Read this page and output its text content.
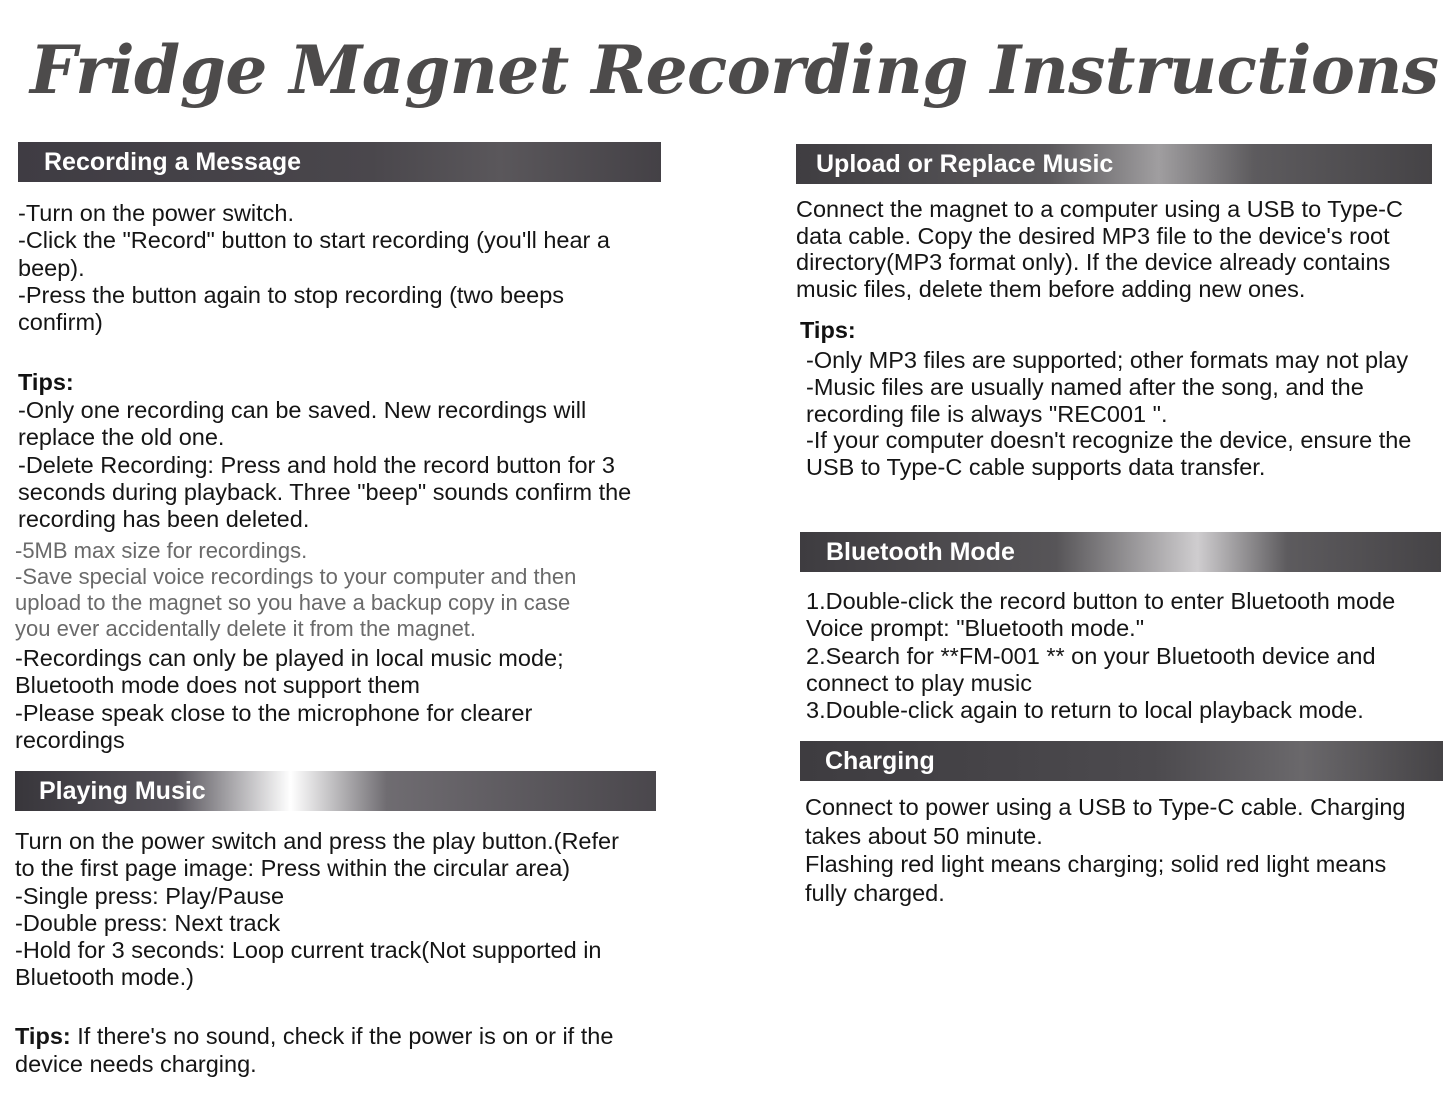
Fridge Magnet Recording Instructions
Recording a Message

-Turn on the power switch.
-Click the "Record" button to start recording (you'll hear a
beep).
-Press the button again to stop recording (two beeps
confirm)

Tips:

-Only one recording can be saved. New recordings will
replace the old one.
-Delete Recording: Press and hold the record button for 3
seconds during playback. Three "beep" sounds confirm the
recording has been deleted.

-5MB max size for recordings.
-Save special voice recordings to your computer and then
upload to the magnet so you have a backup copy in case
you ever accidentally delete it from the magnet.

-Recordings can only be played in local music mode;
Bluetooth mode does not support them
-Please speak close to the microphone for clearer
recordings

Playing Music

Turn on the power switch and press the play button.(Refer
to the first page image: Press within the circular area)
-Single press: Play/Pause
-Double press: Next track
-Hold for 3 seconds: Loop current track(Not supported in
Bluetooth mode.)

Tips: If there's no sound, check if the power is on or if the

device needs charging.

Upload or Replace Music

Connect the magnet to a computer using a USB to Type-C
data cable. Copy the desired MP3 file to the device's root
directory(MP3 format only). If the device already contains
music files, delete them before adding new ones.

Tips:

-Only MP3 files are supported; other formats may not play
-Music files are usually named after the song, and the
recording file is always "REC001 ".
-If your computer doesn't recognize the device, ensure the
USB to Type-C cable supports data transfer.

Bluetooth Mode

1.Double-click the record button to enter Bluetooth mode
Voice prompt: "Bluetooth mode."
2.Search for **FM-001 ** on your Bluetooth device and
connect to play music
3.Double-click again to return to local playback mode.

Charging

Connect to power using a USB to Type-C cable. Charging
takes about 50 minute.
Flashing red light means charging; solid red light means
fully charged.
